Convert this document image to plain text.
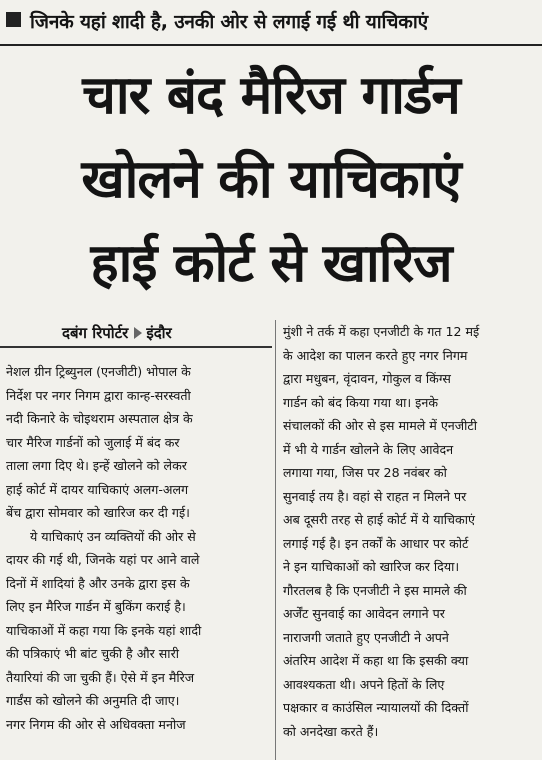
जिनके यहां शादी है, उनकी ओर से लगाई गई थी याचिकाएं
चार बंद मैरिज गार्डन
खोलने की याचिकाएं
हाई कोर्ट से खारिज
दबंग रिपोर्टर इंदौर
नेशल ग्रीन ट्रिब्युनल (एनजीटी) भोपाल के
निर्देश पर नगर निगम द्वारा कान्ह-सरस्वती
नदी किनारे के चोइथराम अस्पताल क्षेत्र के
चार मैरिज गार्डनों को जुलाई में बंद कर
ताला लगा दिए थे। इन्हें खोलने को लेकर
हाई कोर्ट में दायर याचिकाएं अलग-अलग
बेंच द्वारा सोमवार को खारिज कर दी गई।
ये याचिकाएं उन व्यक्तियों की ओर से
दायर की गई थी, जिनके यहां पर आने वाले
दिनों में शादियां है और उनके द्वारा इस के
लिए इन मैरिज गार्डन में बुकिंग कराई है।
याचिकाओं में कहा गया कि इनके यहां शादी
की पत्रिकाएं भी बांट चुकी है और सारी
तैयारियां की जा चुकी हैं। ऐसे में इन मैरिज
गार्डंस को खोलने की अनुमति दी जाए।
नगर निगम की ओर से अधिवक्ता मनोज
मुंशी ने तर्क में कहा एनजीटी के गत 12 मई
के आदेश का पालन करते हुए नगर निगम
द्वारा मधुबन, वृंदावन, गोकुल व किंग्स
गार्डन को बंद किया गया था। इनके
संचालकों की ओर से इस मामले में एनजीटी
में भी ये गार्डन खोलने के लिए आवेदन
लगाया गया, जिस पर 28 नवंबर को
सुनवाई तय है। वहां से राहत न मिलने पर
अब दूसरी तरह से हाई कोर्ट में ये याचिकाएं
लगाई गई है। इन तर्कों के आधार पर कोर्ट
ने इन याचिकाओं को खारिज कर दिया।
गौरतलब है कि एनजीटी ने इस मामले की
अर्जेंट सुनवाई का आवेदन लगाने पर
नाराजगी जताते हुए एनजीटी ने अपने
अंतरिम आदेश में कहा था कि इसकी क्या
आवश्यकता थी। अपने हितों के लिए
पक्षकार व काउंसिल न्यायालयों की दिक्तों
को अनदेखा करते हैं।
